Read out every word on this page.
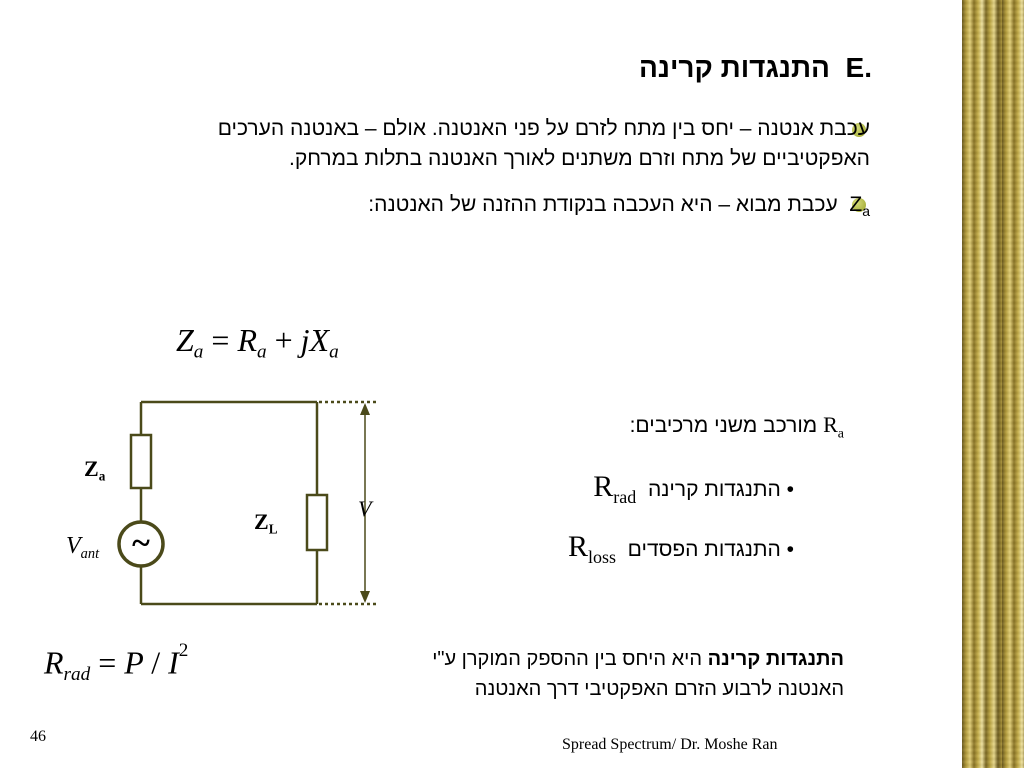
התנגדות קרינה E.
עכבת אנטנה – יחס בין מתח לזרם על פני האנטנה. אולם – באנטנה הערכים
האפקטיביים של מתח וזרם משתנים לאורך האנטנה בתלות במרחק.
$Z_a$  עכבת מבוא – היא העכבה בנקודת ההזנה של האנטנה:
$Z_a = R_a + jX_a$
~
$Z_a$
$Z_L$
$V_{ant}$
V
$R_a$ מורכב משני מרכיבים:
• התנגדות קרינה  $R_{rad}$
• התנגדות הפסדים  $R_{loss}$
$R_{rad} = P / I^2$	התנגדות קרינה היא היחס בין ההספק המוקרן ע"י
האנטנה לרבוע הזרם האפקטיבי דרך האנטנה
46	Spread Spectrum/ Dr. Moshe Ran
